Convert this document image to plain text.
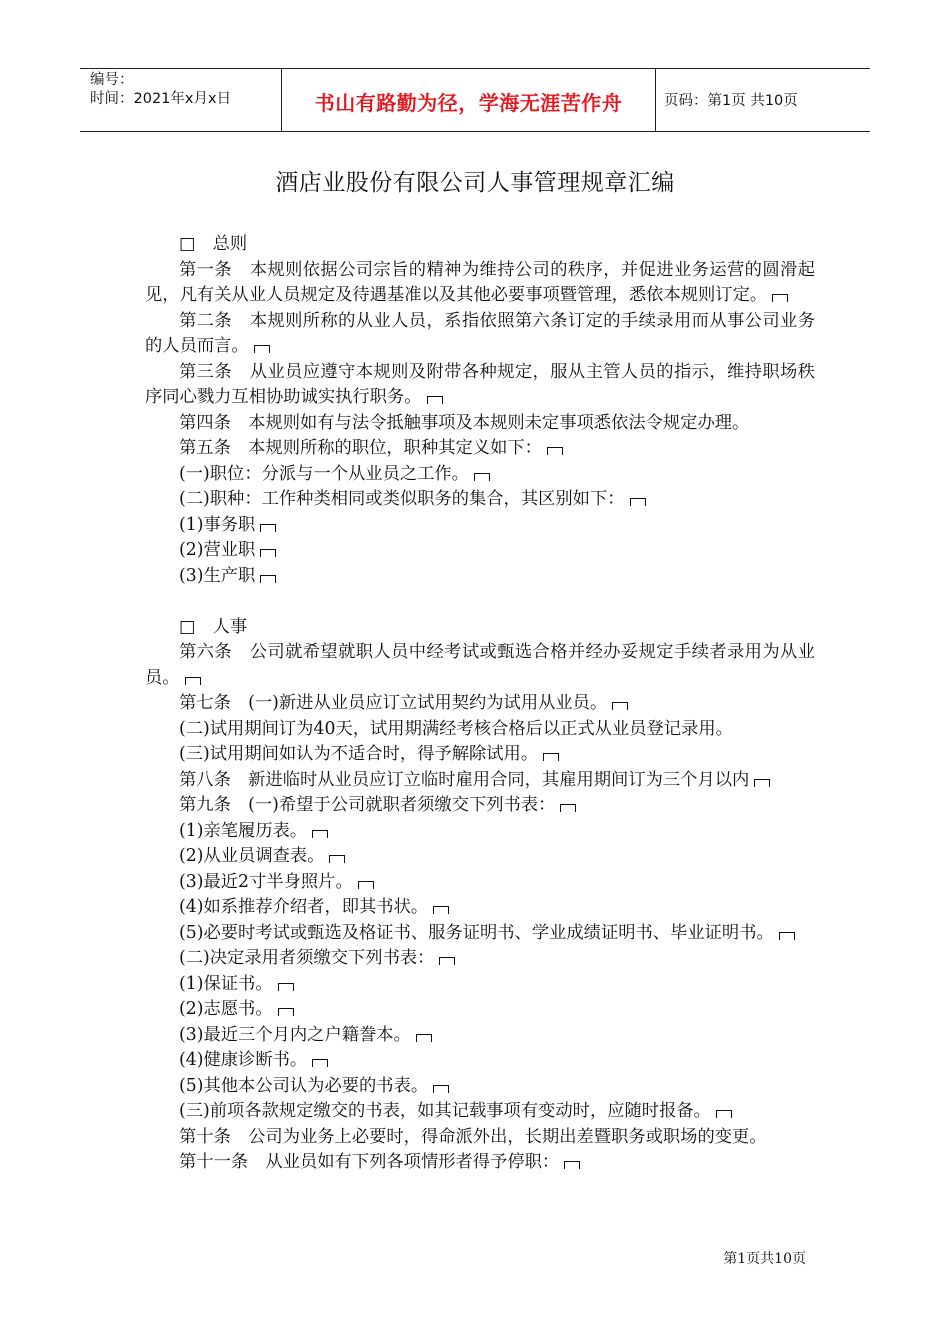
编号：
时间：2021年x月x日	书山有路勤为径，学海无涯苦作舟	页码：第1页 共10页
酒店业股份有限公司人事管理规章汇编

□　总则

第一条　本规则依据公司宗旨的精神为维持公司的秩序，并促进业务运营的圆滑起见，凡有关从业人员规定及待遇基准以及其他必要事项暨管理，悉依本规则订定。

第二条　本规则所称的从业人员，系指依照第六条订定的手续录用而从事公司业务的人员而言。

第三条　从业员应遵守本规则及附带各种规定，服从主管人员的指示，维持职场秩序同心戮力互相协助诚实执行职务。

第四条　本规则如有与法令抵触事项及本规则未定事项悉依法令规定办理。

第五条　本规则所称的职位，职种其定义如下：

(一)职位：分派与一个从业员之工作。

(二)职种：工作种类相同或类似职务的集合，其区别如下：

(1)事务职

(2)营业职

(3)生产职

□　人事

第六条　公司就希望就职人员中经考试或甄选合格并经办妥规定手续者录用为从业员。

第七条　(一)新进从业员应订立试用契约为试用从业员。

(二)试用期间订为40天，试用期满经考核合格后以正式从业员登记录用。

(三)试用期间如认为不适合时，得予解除试用。

第八条　新进临时从业员应订立临时雇用合同，其雇用期间订为三个月以内

第九条　(一)希望于公司就职者须缴交下列书表：

(1)亲笔履历表。

(2)从业员调查表。

(3)最近2寸半身照片。

(4)如系推荐介绍者，即其书状。

(5)必要时考试或甄选及格证书、服务证明书、学业成绩证明书、毕业证明书。

(二)决定录用者须缴交下列书表：

(1)保证书。

(2)志愿书。

(3)最近三个月内之户籍誊本。

(4)健康诊断书。

(5)其他本公司认为必要的书表。

(三)前项各款规定缴交的书表，如其记载事项有变动时，应随时报备。

第十条　公司为业务上必要时，得命派外出，长期出差暨职务或职场的变更。

第十一条　从业员如有下列各项情形者得予停职：

第1页共10页
